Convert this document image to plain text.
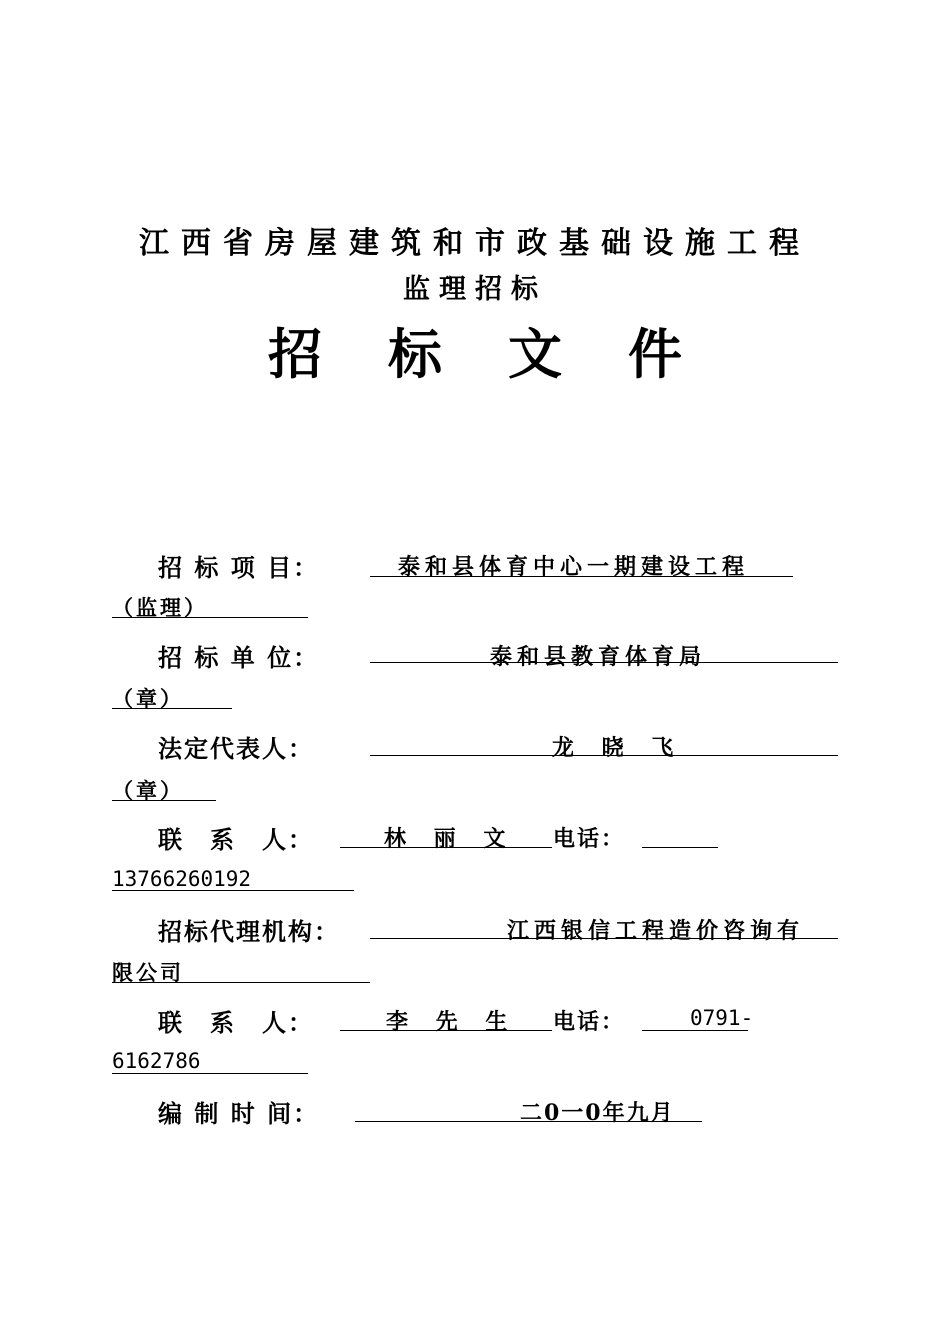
江西省房屋建筑和市政基础设施工程
监理招标
招标文件
招 标 项 目：	泰和县体育中心一期建设工程
（监理）
招 标 单 位：	泰和县教育体育局
（章）
法定代表人：	龙 晓 飞
（章）
联　系　人：	林 丽 文 电话：
13766260192
招标代理机构：	江西银信工程造价咨询有
限公司
联　系　人：	李 先 生 电话：	0791-
6162786
编 制 时 间：	二0一0年九月
